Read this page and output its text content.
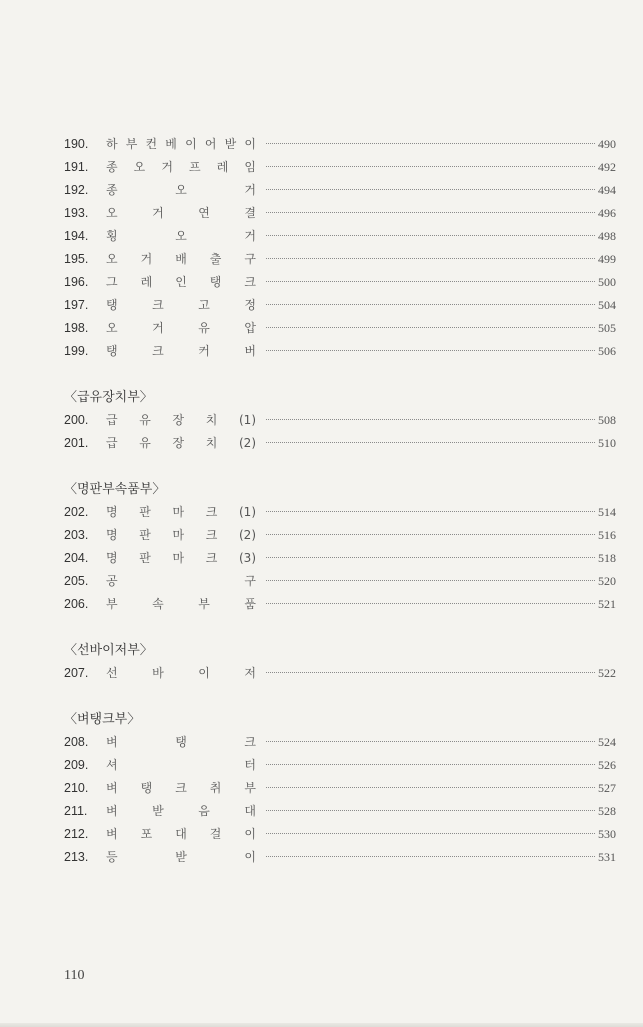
190.	하 부 컨 베 이 어 받 이	490
191.	종 오 거 프 레 임	492
192.	종	오	거	494
193.	오	거	연	결	496
194.	횡	오	거	498
195.	오 거 배 출 구	499
196.	그 레 인 탱 크	500
197.	탱	크	고	정	504
198.	오	거	유	압	505
199.	탱	크	커	버	506
〈급유장치부〉
200.	급 유 장 치 (1)	508
201.	급 유 장 치 (2)	510
〈명판부속품부〉
202.	명 판 마 크 (1)	514
203.	명 판 마 크 (2)	516
204.	명 판 마 크 (3)	518
205.	공	구	520
206.	부	속	부	품	521
〈선바이저부〉
207.	선	바	이	저	522
〈벼탱크부〉
208.	벼	탱	크	524
209.	셔	터	526
210.	벼 탱 크 취 부	527
211.	벼	받	음	대	528
212.	벼 포 대 걸 이	530
213.	등	받	이	531
110
